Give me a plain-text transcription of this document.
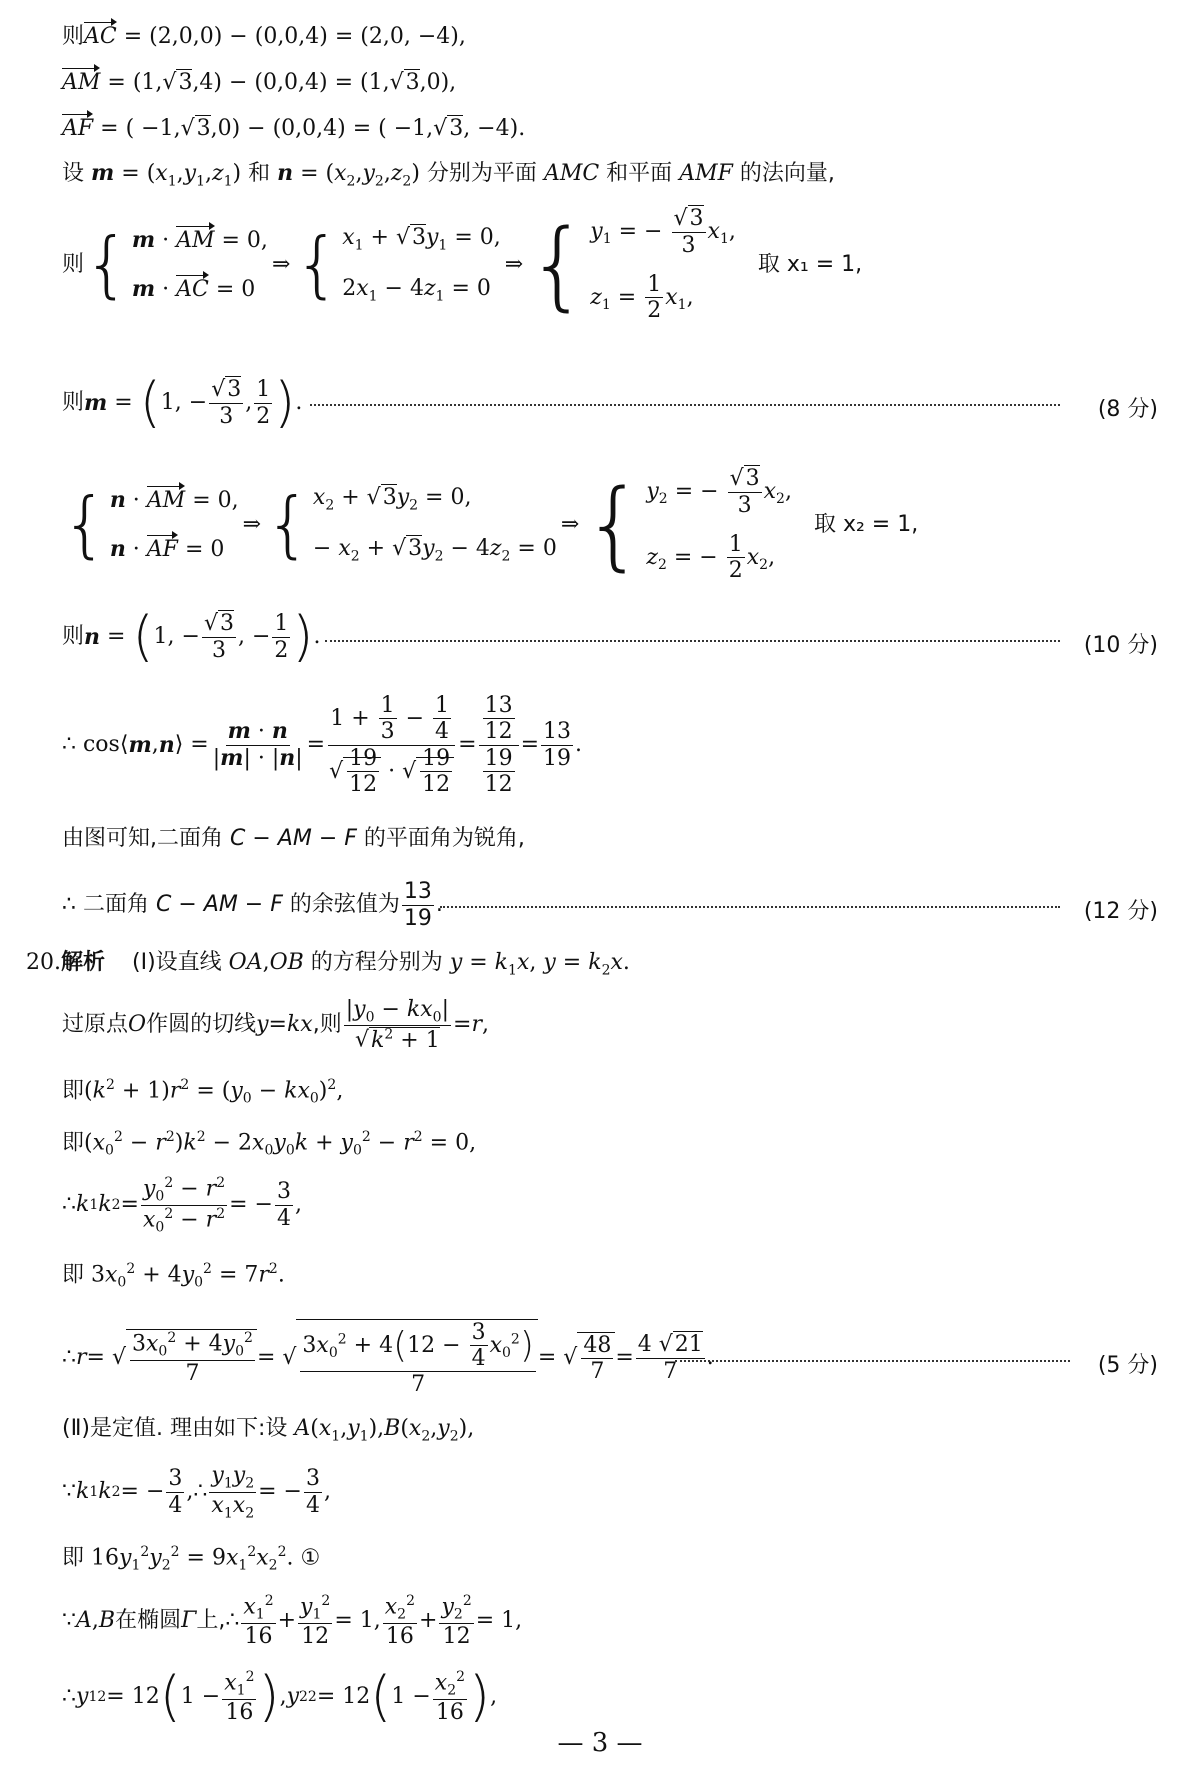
则AC = (2,0,0) − (0,0,4) = (2,0, −4),
AM = (1,√3,4) − (0,0,4) = (1,√3,0),
AF = ( −1,√3,0) − (0,0,4) = ( −1,√3, −4).
设 $m = (x_1,y_1,z_1)$ 和 $n = (x_2,y_2,z_2)$ 分别为平面 AMC 和平面 AMF 的法向量,
则 { m · AM = 0,
m · AC = 0
⇒ { $x_1 + √3y_1 = 0$,
$2x_1 - 4z_1 = 0$
⇒ { $y_1$ = − $\frac{√3}{3} x_1$,
$z_1 = \frac{1}{2} x_1$,
取 x₁ = 1,
则 m = ( 1, − $\frac{√3}{3}$ , $\frac{1}{2}$ ) .	(8 分)
{ n · AM = 0,
n · AF = 0
⇒ { $x_2 + √3y_2 = 0$,
− $x_2 + √3y_2 - 4z_2 = 0$
⇒ { $y_2$ = − $\frac{√3}{3} x_2$,
$z_2$ = − $\frac{1}{2} x_2$,
取 x₂ = 1,
则 n = ( 1, − $\frac{√3}{3}$ , − $\frac{1}{2}$ ) .	(10 分)
∴ cos⟨ m , n ⟩ = $\frac{m \cdot n}{|m| \cdot |n|} = \frac{1 + \frac{1}{3} - \frac{1}{4}}{√ \frac{19}{12} \cdot √ \frac{19}{12}} = \frac{\frac{13}{12}}{\frac{19}{12}} = \frac{13}{19}$ .
由图可知,二面角 C − AM − F 的平面角为锐角,
∴ 二面角 C − AM − F 的余弦值为 $\frac{13}{19}$ .	(12 分)
20.解析 (Ⅰ)设直线 OA,OB 的方程分别为 $y = k_1x$, $y = k_2x$.
过原点 O 作圆的切线 y = kx ,则 $\frac{|y_0 - kx_0|}{√k^2 + 1} = r$ ,
即$(k^2 + 1)r^2 = (y_0 - kx_0)^2$,
即$(x_0^2 - r^2)k^2 - 2x_0y_0k + y_0^2 - r^2 = 0$,
∴ k 1 k $2 = \frac{y_0^2 - r^2}{x_0^2 - r^2}$ = − $\frac{3}{4}$ ,
即 $3x_0^2 + 4y_0^2 = 7r^2$.
∴ r = √ $\frac{3x_0^2 + 4y_0^2}{7}$ = √ $\frac{3x_0^2 + 4(12 - \frac{3}{4} x_0^2)}{7}$ = √ $\frac{48}{7} = \frac{4 √21}{7}$ .	(5 分)
(Ⅱ)是定值. 理由如下:设 $A(x_1,y_1),B(x_2,y_2)$,
∵ k 1 k 2 = − $\frac{3}{4}$ ,∴ $\frac{y_1y_2}{x_1x_2}$ = − $\frac{3}{4}$ ,
即 $16y_1^2y_2^2 = 9x_1^2x_2^2$. ①
∵ A , B 在椭圆 Γ 上, ∴ $\frac{x_1^2}{16} + \frac{y_1^2}{12} = 1$, $\frac{x_2^2}{16} + \frac{y_2^2}{12} = 1$,
∴ y 1 2 = 12 ( $1 - \frac{x_1^2}{16}$ ) , y 2 2 = 12 ( $1 - \frac{x_2^2}{16}$ ) ,
— 3 —
